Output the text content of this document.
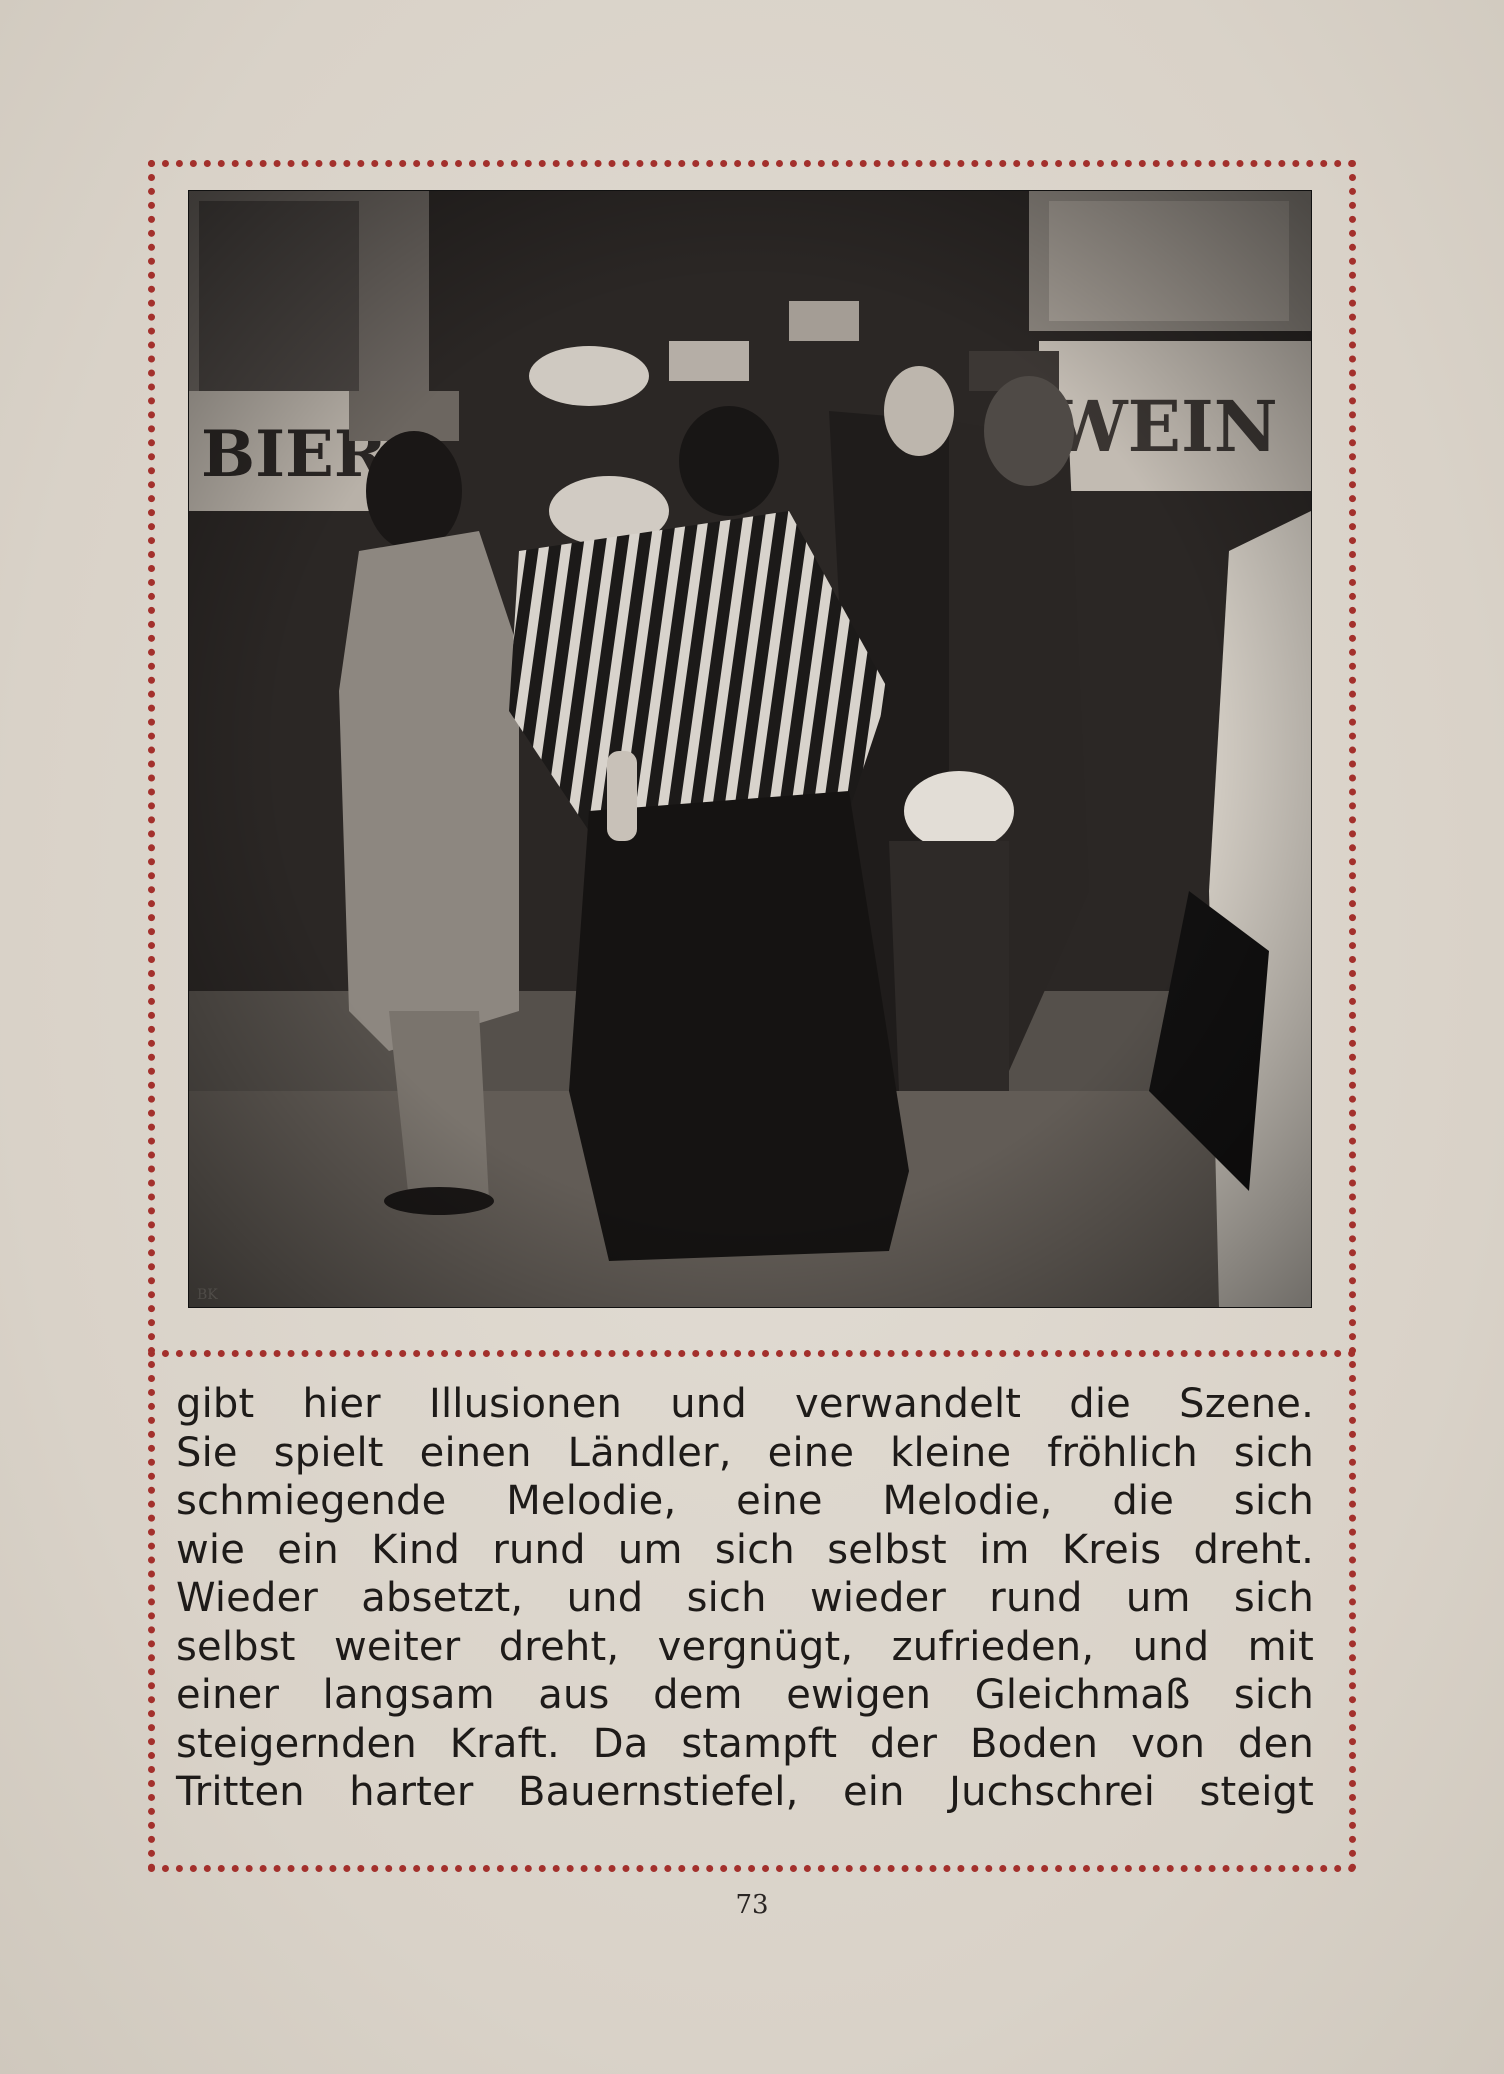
gibt hier Illusionen und verwandelt die Szene.
Sie spielt einen Ländler, eine kleine fröhlich sich
schmiegende Melodie, eine Melodie, die sich
wie ein Kind rund um sich selbst im Kreis dreht.
Wieder absetzt, und sich wieder rund um sich
selbst weiter dreht, vergnügt, zufrieden, und mit
einer langsam aus dem ewigen Gleichmaß sich
steigernden Kraft. Da stampft der Boden von den
Tritten harter Bauernstiefel, ein Juchschrei steigt
73
